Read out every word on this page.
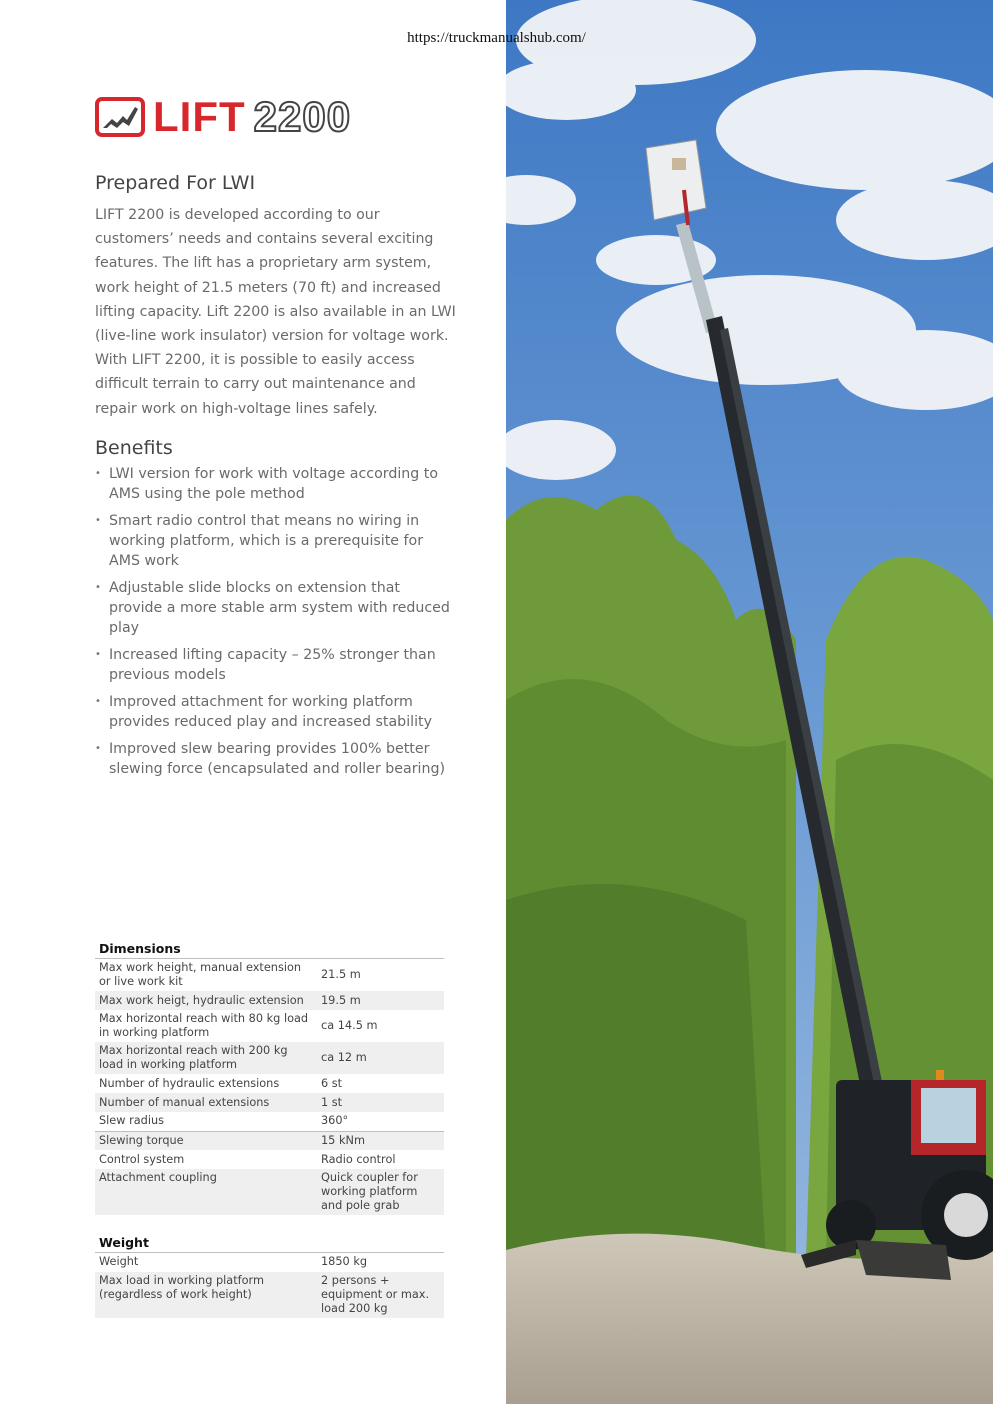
https://truckmanualshub.com/
LIFT 2200
Prepared For LWI

LIFT 2200 is developed according to our customers’ needs and contains several exciting features. The lift has a proprietary arm system, work height of 21.5 meters (70 ft) and increased lifting capacity. Lift 2200 is also available in an LWI (live-line work insulator) version for voltage work. With LIFT 2200, it is possible to easily access difficult terrain to carry out maintenance and repair work on high-voltage lines safely.

Benefits
• LWI version for work with voltage according to AMS using the pole method
• Smart radio control that means no wiring in working platform, which is a prerequisite for AMS work
• Adjustable slide blocks on extension that provide a more stable arm system with reduced play
• Increased lifting capacity – 25% stronger than previous models
• Improved attachment for working platform provides reduced play and increased stability
• Improved slew bearing provides 100% better slewing force (encapsulated and roller bearing)
Dimensions	
Max work height, manual extension or live work kit	21.5 m
Max work heigt, hydraulic extension	19.5 m
Max horizontal reach with 80 kg load in working platform	ca 14.5 m
Max horizontal reach with 200 kg load in working platform	ca 12 m
Number of hydraulic extensions	6 st
Number of manual extensions	1 st
Slew radius	360°
Slewing torque	15 kNm
Control system	Radio control
Attachment coupling	Quick coupler for working platform and pole grab
Weight	
Weight	1850 kg
Max load in working platform (regardless of work height)	2 persons + equipment or max. load 200 kg
